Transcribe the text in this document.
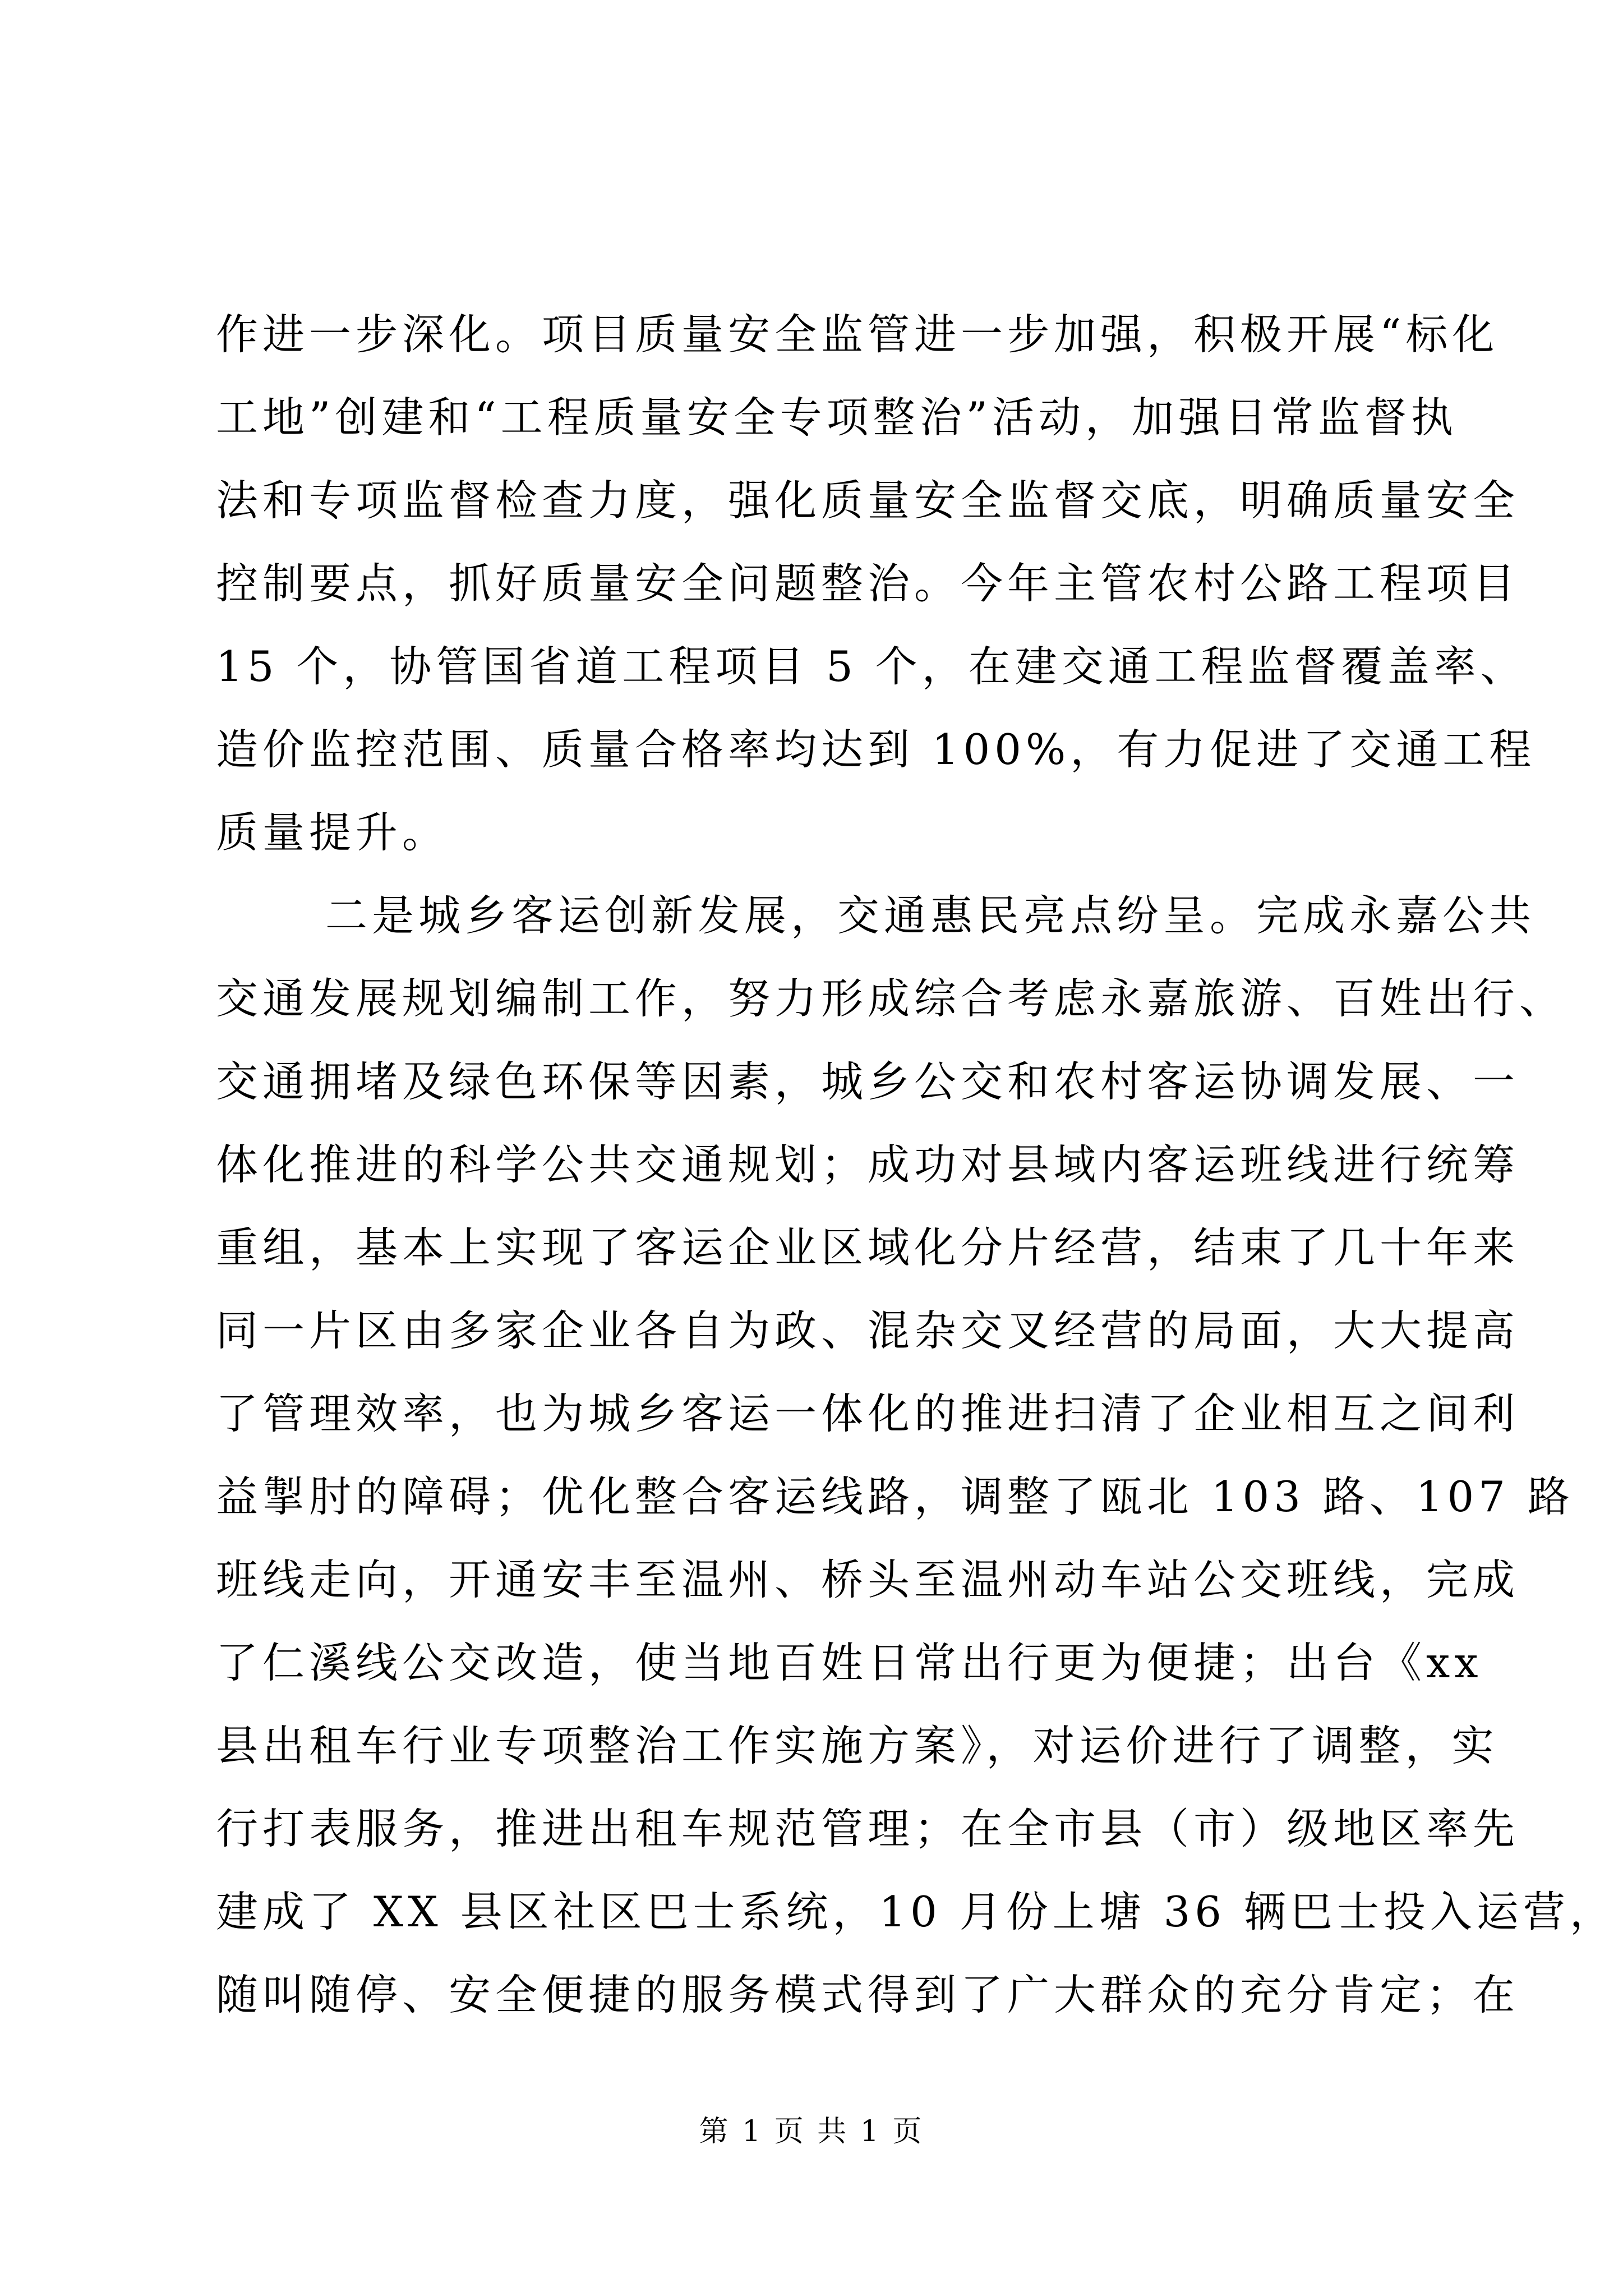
作进一步深化。项目质量安全监管进一步加强，积极开展“标化
工地”创建和“工程质量安全专项整治”活动，加强日常监督执
法和专项监督检查力度，强化质量安全监督交底，明确质量安全
控制要点，抓好质量安全问题整治。今年主管农村公路工程项目
15 个，协管国省道工程项目 5 个，在建交通工程监督覆盖率、
造价监控范围、质量合格率均达到 100%，有力促进了交通工程
质量提升。
二是城乡客运创新发展，交通惠民亮点纷呈。完成永嘉公共
交通发展规划编制工作，努力形成综合考虑永嘉旅游、百姓出行、
交通拥堵及绿色环保等因素，城乡公交和农村客运协调发展、一
体化推进的科学公共交通规划；成功对县域内客运班线进行统筹
重组，基本上实现了客运企业区域化分片经营，结束了几十年来
同一片区由多家企业各自为政、混杂交叉经营的局面，大大提高
了管理效率，也为城乡客运一体化的推进扫清了企业相互之间利
益掣肘的障碍；优化整合客运线路，调整了瓯北 103 路、107 路
班线走向，开通安丰至温州、桥头至温州动车站公交班线，完成
了仁溪线公交改造，使当地百姓日常出行更为便捷；出台《xx
县出租车行业专项整治工作实施方案》，对运价进行了调整，实
行打表服务，推进出租车规范管理；在全市县（市）级地区率先
建成了 XX 县区社区巴士系统，10 月份上塘 36 辆巴士投入运营，
随叫随停、安全便捷的服务模式得到了广大群众的充分肯定；在
第 1 页 共 1 页
